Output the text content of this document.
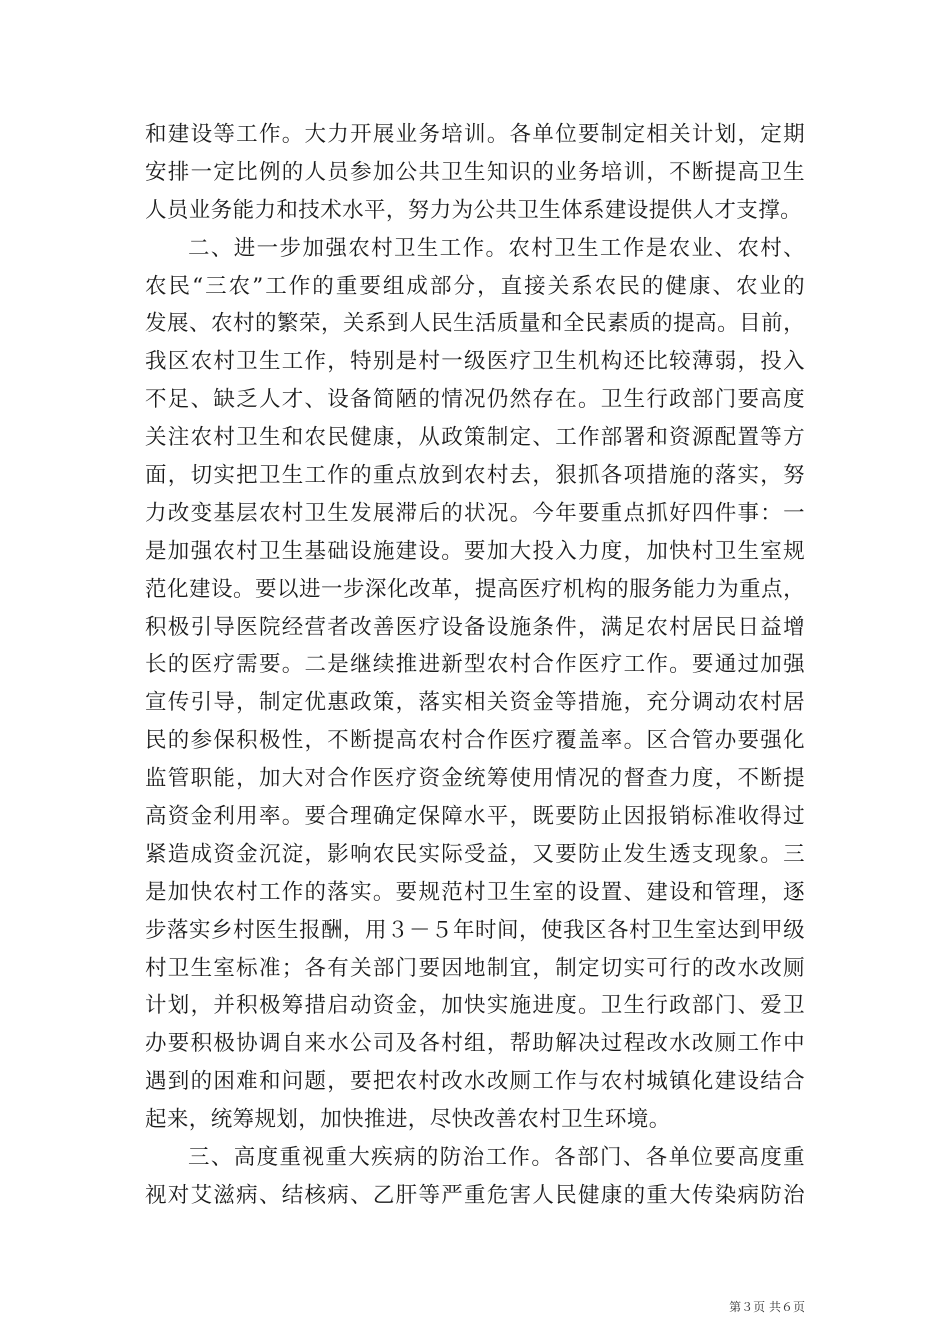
和建设等工作。大力开展业务培训。各单位要制定相关计划，定期
安排一定比例的人员参加公共卫生知识的业务培训，不断提高卫生
人员业务能力和技术水平，努力为公共卫生体系建设提供人才支撑。
二、进一步加强农村卫生工作。农村卫生工作是农业、农村、
农民“三农”工作的重要组成部分，直接关系农民的健康、农业的
发展、农村的繁荣，关系到人民生活质量和全民素质的提高。目前，
我区农村卫生工作，特别是村一级医疗卫生机构还比较薄弱，投入
不足、缺乏人才、设备简陋的情况仍然存在。卫生行政部门要高度
关注农村卫生和农民健康，从政策制定、工作部署和资源配置等方
面，切实把卫生工作的重点放到农村去，狠抓各项措施的落实，努
力改变基层农村卫生发展滞后的状况。今年要重点抓好四件事：一
是加强农村卫生基础设施建设。要加大投入力度，加快村卫生室规
范化建设。要以进一步深化改革，提高医疗机构的服务能力为重点，
积极引导医院经营者改善医疗设备设施条件，满足农村居民日益增
长的医疗需要。二是继续推进新型农村合作医疗工作。要通过加强
宣传引导，制定优惠政策，落实相关资金等措施，充分调动农村居
民的参保积极性，不断提高农村合作医疗覆盖率。区合管办要强化
监管职能，加大对合作医疗资金统筹使用情况的督查力度，不断提
高资金利用率。要合理确定保障水平，既要防止因报销标准收得过
紧造成资金沉淀，影响农民实际受益，又要防止发生透支现象。三
是加快农村工作的落实。要规范村卫生室的设置、建设和管理，逐
步落实乡村医生报酬，用３－５年时间，使我区各村卫生室达到甲级
村卫生室标准；各有关部门要因地制宜，制定切实可行的改水改厕
计划，并积极筹措启动资金，加快实施进度。卫生行政部门、爱卫
办要积极协调自来水公司及各村组，帮助解决过程改水改厕工作中
遇到的困难和问题，要把农村改水改厕工作与农村城镇化建设结合
起来，统筹规划，加快推进，尽快改善农村卫生环境。
三、高度重视重大疾病的防治工作。各部门、各单位要高度重
视对艾滋病、结核病、乙肝等严重危害人民健康的重大传染病防治
第３页 共６页
